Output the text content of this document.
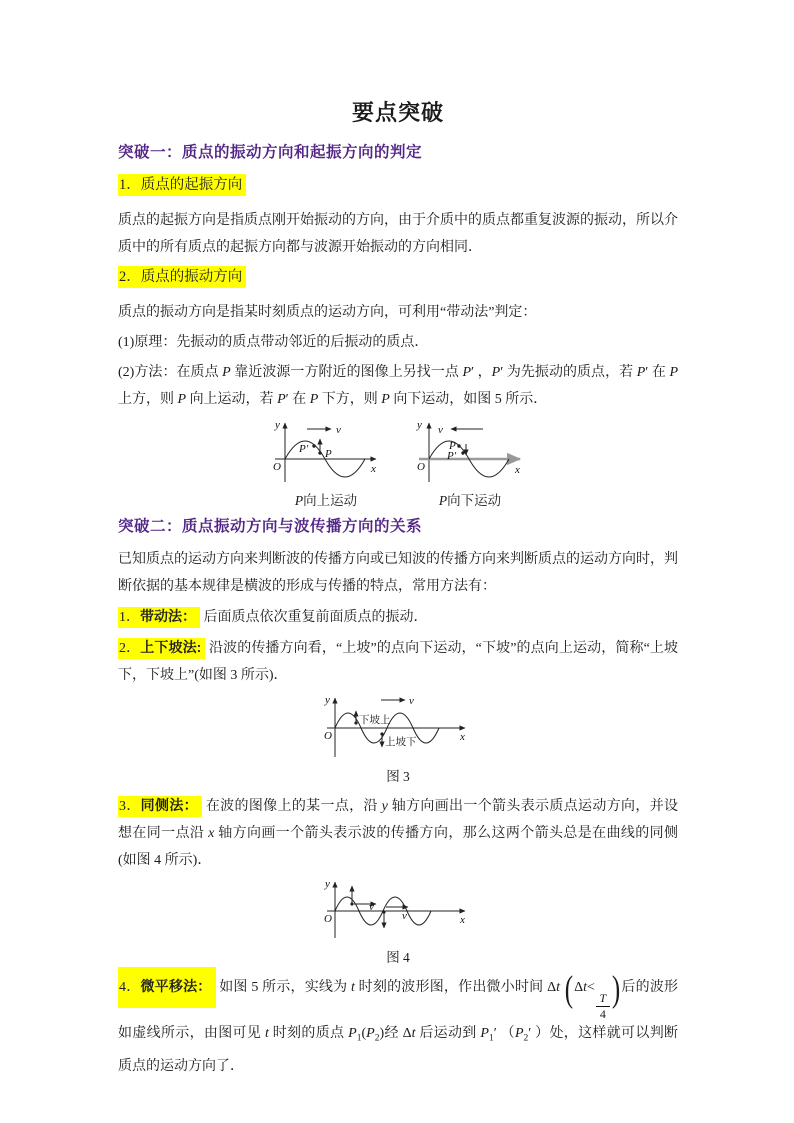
要点突破
突破一：质点的振动方向和起振方向的判定

1．质点的起振方向

质点的起振方向是指质点刚开始振动的方向，由于介质中的质点都重复波源的振动，所以介质中的所有质点的起振方向都与波源开始振动的方向相同．

2．质点的振动方向

质点的振动方向是指某时刻质点的运动方向，可利用“带动法”判定：

(1)原理：先振动的质点带动邻近的后振动的质点．

(2)方法：在质点 P 靠近波源一方附近的图像上另找一点 P′ ，P′ 为先振动的质点，若 P′ 在 P 上方，则 P 向上运动，若 P′ 在 P 下方，则 P 向下运动，如图 5 所示．

v
y
x
O
P′ P
P向上运动
v
y
x
O
P
P′
P向下运动
突破二：质点振动方向与波传播方向的关系

已知质点的运动方向来判断波的传播方向或已知波的传播方向来判断质点的运动方向时，判断依据的基本规律是横波的形成与传播的特点，常用方法有：

1．带动法： 后面质点依次重复前面质点的振动．

2．上下坡法: 沿波的传播方向看，“上坡”的点向下运动，“下坡”的点向上运动，简称“上坡下，下坡上”(如图 3 所示)．

v
y
x
O
下坡上
上坡下
图 3

3．同侧法： 在波的图像上的某一点，沿 y 轴方向画出一个箭头表示质点运动方向，并设想在同一点沿 x 轴方向画一个箭头表示波的传播方向，那么这两个箭头总是在曲线的同侧(如图 4 所示)．

y
x
O
v
v
图 4

4．微平移法： 如图 5 所示，实线为 t 时刻的波形图，作出微小时间 Δt (Δt<
$\frac{T}{4}$ )后的波形如虚线所示，由图可见 t 时刻的质点 $P_1(P_2)$经 Δt 后运动到 $P_1'$ （$P_2'$ ）处，这样就可以判断质点的运动方向了．
